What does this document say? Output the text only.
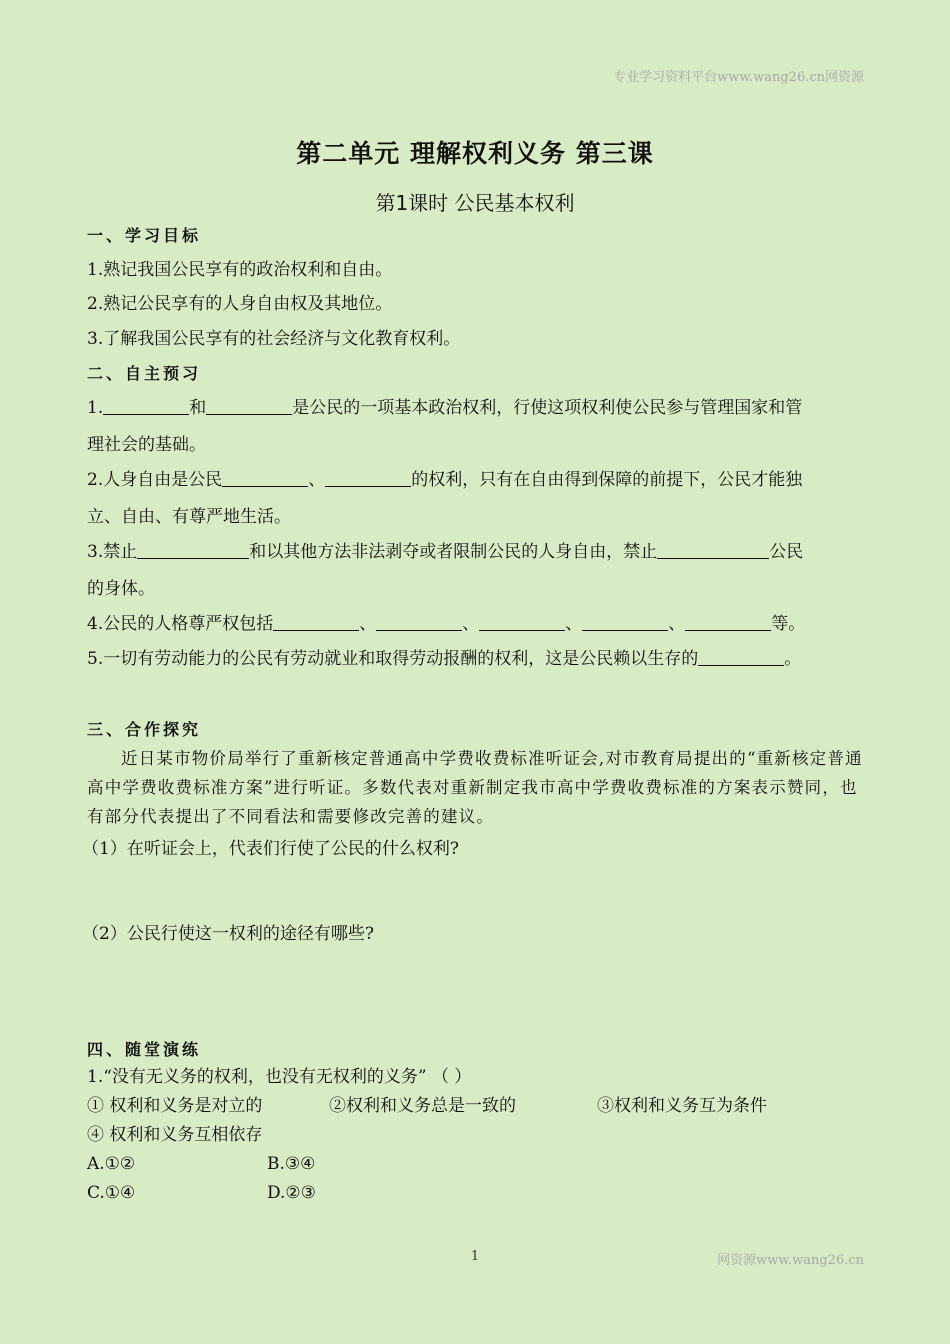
专业学习资料平台www.wang26.cn网资源
第二单元 理解权利义务 第三课
第1课时 公民基本权利
一、学习目标
1.熟记我国公民享有的政治权利和自由。
2.熟记公民享有的人身自由权及其地位。
3.了解我国公民享有的社会经济与文化教育权利。
二、自主预习
1.	和	是公民的一项基本政治权利，行使这项权利使公民参与管理国家和管
理社会的基础。
2.人身自由是公民	、	的权利，只有在自由得到保障的前提下，公民才能独
立、自由、有尊严地生活。
3.禁止	和以其他方法非法剥夺或者限制公民的人身自由，禁止	公民
的身体。
4.公民的人格尊严权包括	、	、	、	、	等。
5.一切有劳动能力的公民有劳动就业和取得劳动报酬的权利，这是公民赖以生存的	。
三、合作探究
近日某市物价局举行了重新核定普通高中学费收费标准听证会,对市教育局提出的“重新核定普通高中学费收费标准方案”进行听证。多数代表对重新制定我市高中学费收费标准的方案表示赞同，也有部分代表提出了不同看法和需要修改完善的建议。
（1）在听证会上，代表们行使了公民的什么权利?
（2）公民行使这一权利的途径有哪些?
四、随堂演练
1.“没有无义务的权利，也没有无权利的义务” （ ）
① 权利和义务是对立的	②权利和义务总是一致的	③权利和义务互为条件
④ 权利和义务互相依存
A.①②	B.③④
C.①④	D.②③
1	网资源www.wang26.cn
